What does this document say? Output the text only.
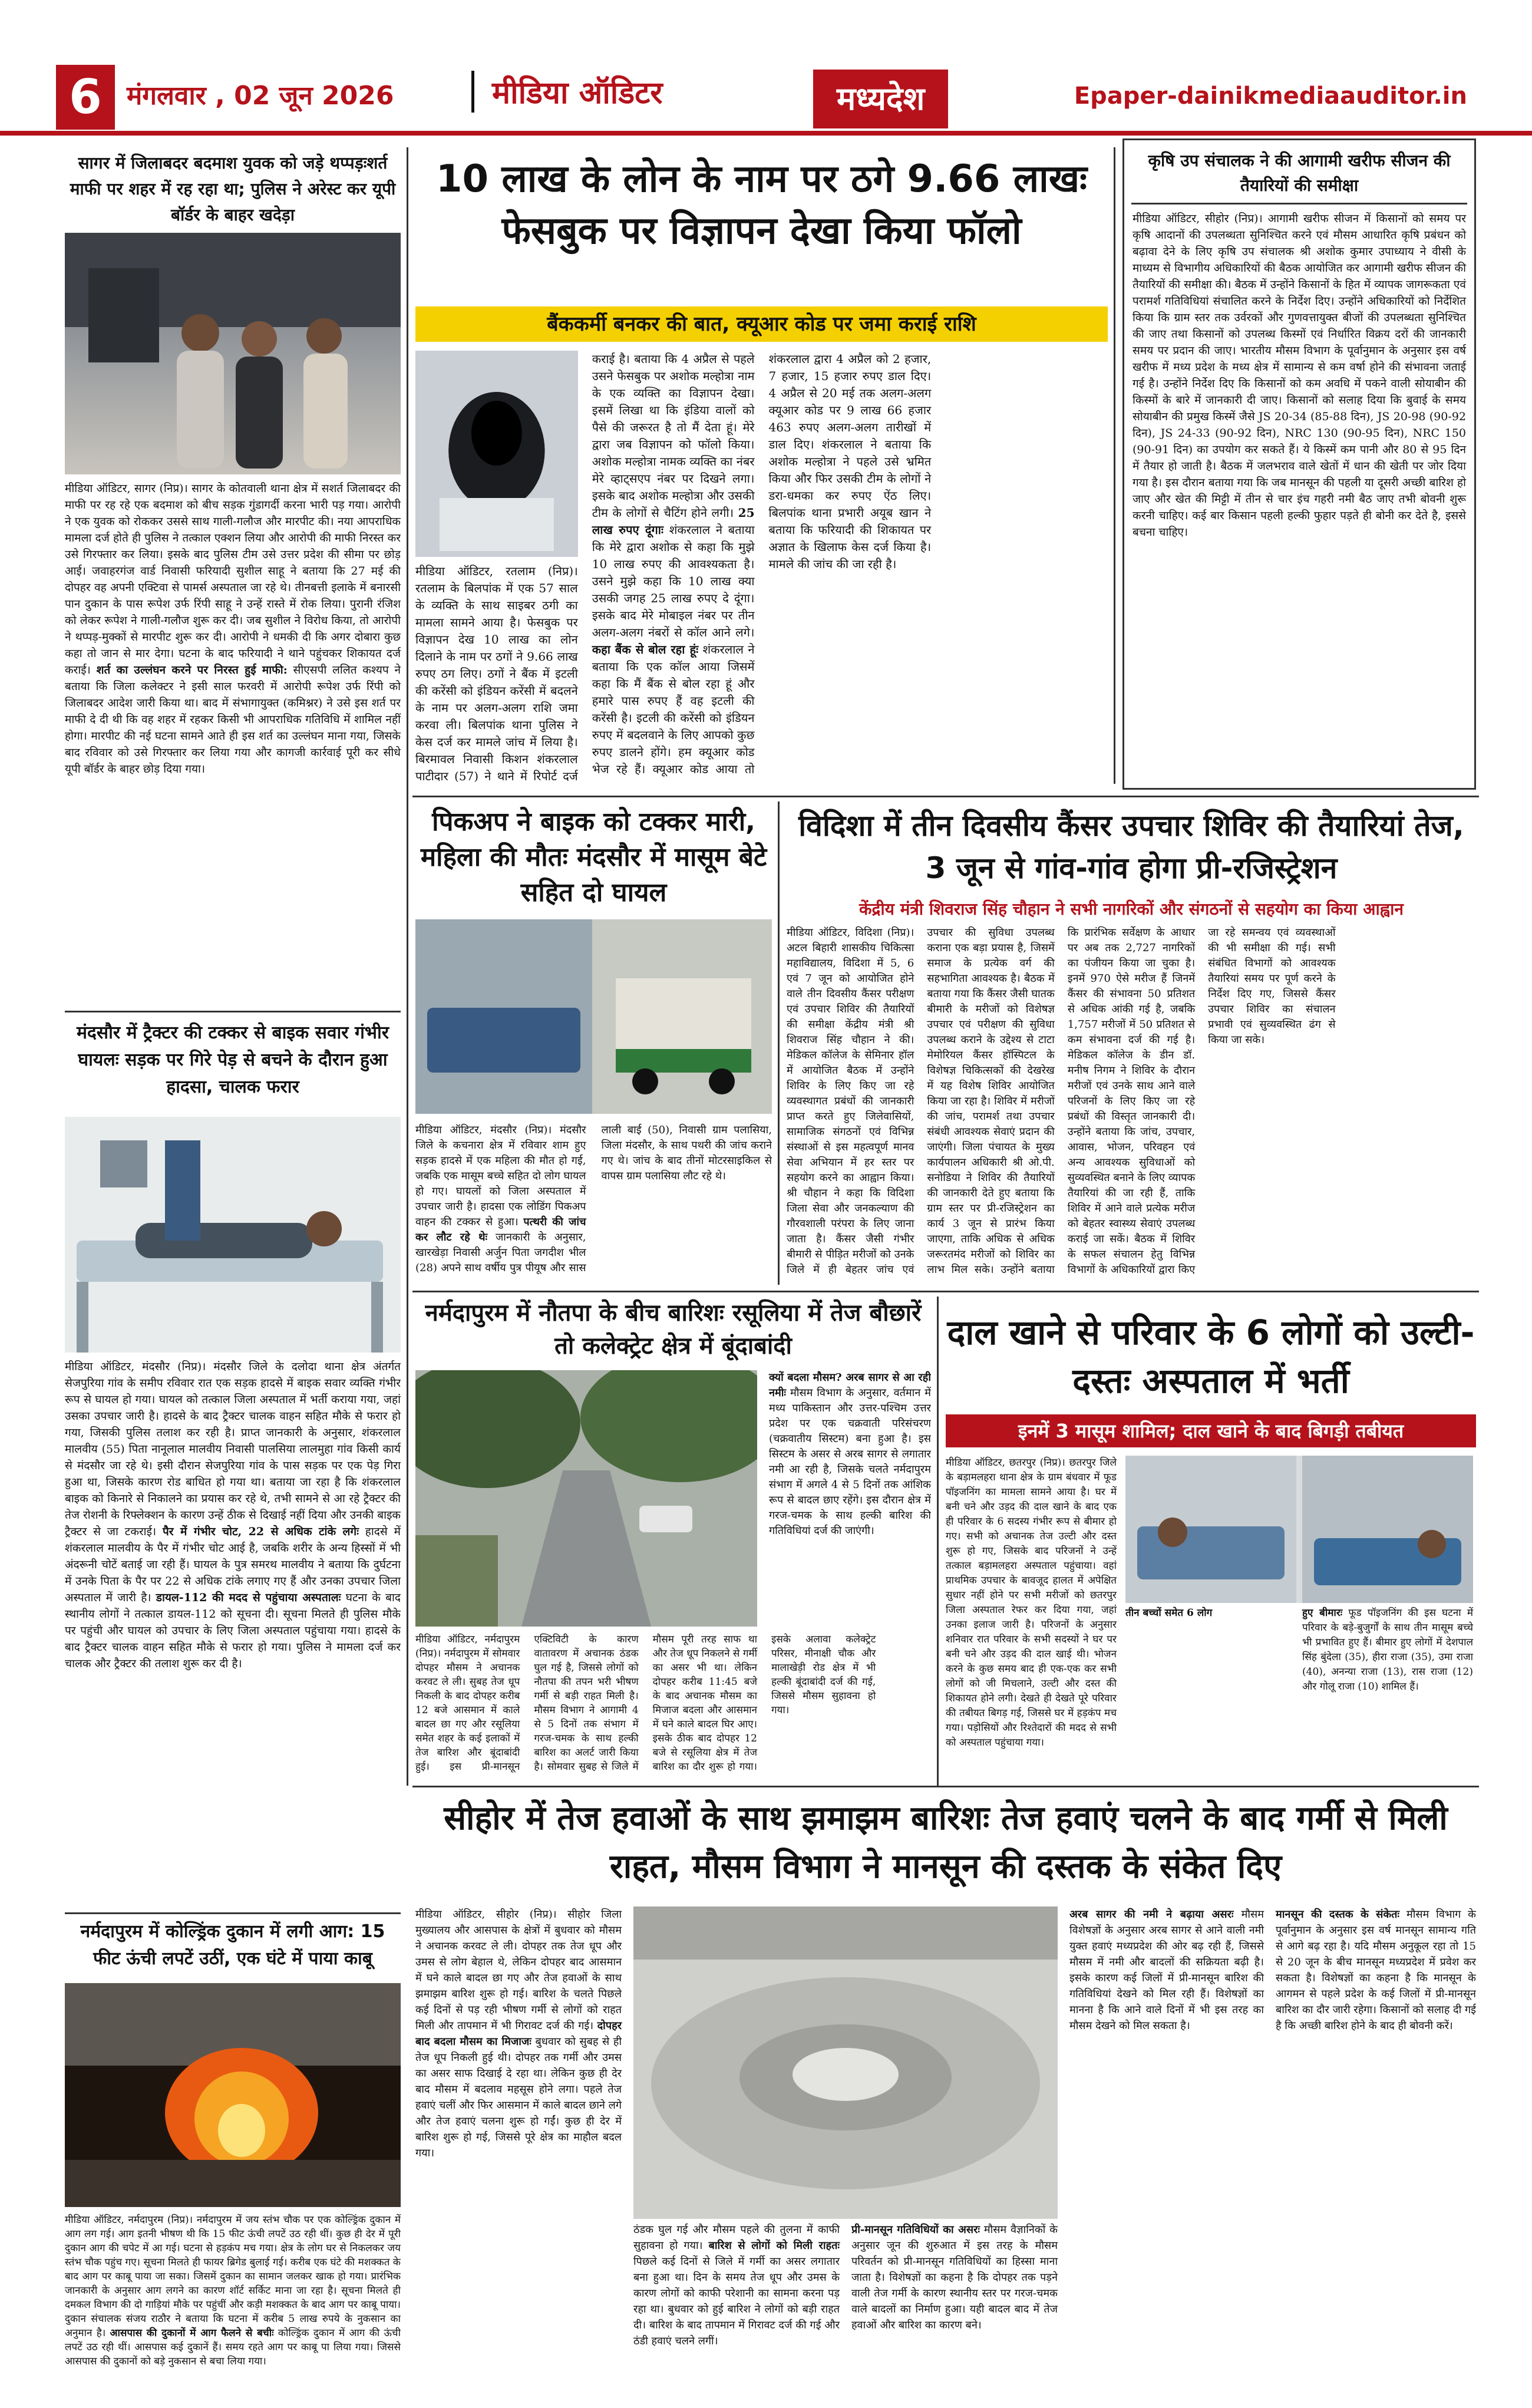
6 मंगलवार , 02 जून 2026	मीडिया ऑडिटर	मध्यदेश	Epaper-dainikmediaauditor.in
सागर में जिलाबदर बदमाश युवक को जड़े थप्पड़ःशर्त माफी पर शहर में रह रहा था; पुलिस ने अरेस्ट कर यूपी बॉर्डर के बाहर खदेड़ा
मीडिया ऑडिटर, सागर (निप्र)। सागर के कोतवाली थाना क्षेत्र में सशर्त जिलाबदर की माफी पर रह रहे एक बदमाश को बीच सड़क गुंडागर्दी करना भारी पड़ गया। आरोपी ने एक युवक को रोककर उससे साथ गाली-गलौज और मारपीट की। नया आपराधिक मामला दर्ज होते ही पुलिस ने तत्काल एक्शन लिया और आरोपी की माफी निरस्त कर उसे गिरफ्तार कर लिया। इसके बाद पुलिस टीम उसे उत्तर प्रदेश की सीमा पर छोड़ आई। जवाहरगंज वार्ड निवासी फरियादी सुशील साहू ने बताया कि 27 मई की दोपहर वह अपनी एक्टिवा से पामर्स अस्पताल जा रहे थे। तीनबत्ती इलाके में बनारसी पान दुकान के पास रूपेश उर्फ रिंपी साहू ने उन्हें रास्ते में रोक लिया। पुरानी रंजिश को लेकर रूपेश ने गाली-गलौज शुरू कर दी। जब सुशील ने विरोध किया, तो आरोपी ने थप्पड़-मुक्कों से मारपीट शुरू कर दी। आरोपी ने धमकी दी कि अगर दोबारा कुछ कहा तो जान से मार देगा। घटना के बाद फरियादी ने थाने पहुंचकर शिकायत दर्ज कराई। शर्त का उल्लंघन करने पर निरस्त हुई माफी: सीएसपी ललित कश्यप ने बताया कि जिला कलेक्टर ने इसी साल फरवरी में आरोपी रूपेश उर्फ रिंपी को जिलाबदर आदेश जारी किया था। बाद में संभागायुक्त (कमिश्नर) ने उसे इस शर्त पर माफी दे दी थी कि वह शहर में रहकर किसी भी आपराधिक गतिविधि में शामिल नहीं होगा। मारपीट की नई घटना सामने आते ही इस शर्त का उल्लंघन माना गया, जिसके बाद रविवार को उसे गिरफ्तार कर लिया गया और कागजी कार्रवाई पूरी कर सीधे यूपी बॉर्डर के बाहर छोड़ दिया गया।
मंदसौर में ट्रैक्टर की टक्कर से बाइक सवार गंभीर घायलः सड़क पर गिरे पेड़ से बचने के दौरान हुआ हादसा, चालक फरार
मीडिया ऑडिटर, मंदसौर (निप्र)। मंदसौर जिले के दलोदा थाना क्षेत्र अंतर्गत सेजपुरिया गांव के समीप रविवार रात एक सड़क हादसे में बाइक सवार व्यक्ति गंभीर रूप से घायल हो गया। घायल को तत्काल जिला अस्पताल में भर्ती कराया गया, जहां उसका उपचार जारी है। हादसे के बाद ट्रैक्टर चालक वाहन सहित मौके से फरार हो गया, जिसकी पुलिस तलाश कर रही है। प्राप्त जानकारी के अनुसार, शंकरलाल मालवीय (55) पिता नानूलाल मालवीय निवासी पालसिया लालमुहा गांव किसी कार्य से मंदसौर जा रहे थे। इसी दौरान सेजपुरिया गांव के पास सड़क पर एक पेड़ गिरा हुआ था, जिसके कारण रोड बाधित हो गया था। बताया जा रहा है कि शंकरलाल बाइक को किनारे से निकालने का प्रयास कर रहे थे, तभी सामने से आ रहे ट्रैक्टर की तेज रोशनी के रिफ्लेक्शन के कारण उन्हें ठीक से दिखाई नहीं दिया और उनकी बाइक ट्रैक्टर से जा टकराई। पैर में गंभीर चोट, 22 से अधिक टांके लगेः हादसे में शंकरलाल मालवीय के पैर में गंभीर चोट आई है, जबकि शरीर के अन्य हिस्सों में भी अंदरूनी चोटें बताई जा रही हैं। घायल के पुत्र समरथ मालवीय ने बताया कि दुर्घटना में उनके पिता के पैर पर 22 से अधिक टांके लगाए गए हैं और उनका उपचार जिला अस्पताल में जारी है। डायल-112 की मदद से पहुंचाया अस्पतालः घटना के बाद स्थानीय लोगों ने तत्काल डायल-112 को सूचना दी। सूचना मिलते ही पुलिस मौके पर पहुंची और घायल को उपचार के लिए जिला अस्पताल पहुंचाया गया। हादसे के बाद ट्रैक्टर चालक वाहन सहित मौके से फरार हो गया। पुलिस ने मामला दर्ज कर चालक और ट्रैक्टर की तलाश शुरू कर दी है।
नर्मदापुरम में कोल्ड्रिंक दुकान में लगी आग: 15 फीट ऊंची लपटें उठीं, एक घंटे में पाया काबू
मीडिया ऑडिटर, नर्मदापुरम (निप्र)। नर्मदापुरम में जय स्तंभ चौक पर एक कोल्ड्रिंक दुकान में आग लग गई। आग इतनी भीषण थी कि 15 फीट ऊंची लपटें उठ रही थीं। कुछ ही देर में पूरी दुकान आग की चपेट में आ गई। घटना से हड़कंप मच गया। क्षेत्र के लोग घर से निकलकर जय स्तंभ चौक पहुंच गए। सूचना मिलते ही फायर ब्रिगेड बुलाई गई। करीब एक घंटे की मशक्कत के बाद आग पर काबू पाया जा सका। जिसमें दुकान का सामान जलकर खाक हो गया। प्रारंभिक जानकारी के अनुसार आग लगने का कारण शॉर्ट सर्किट माना जा रहा है। सूचना मिलते ही दमकल विभाग की दो गाड़ियां मौके पर पहुंचीं और कड़ी मशक्कत के बाद आग पर काबू पाया। दुकान संचालक संजय राठौर ने बताया कि घटना में करीब 5 लाख रुपये के नुकसान का अनुमान है। आसपास की दुकानों में आग फैलने से बचीः कोल्ड्रिंक दुकान में आग की ऊंची लपटें उठ रही थीं। आसपास कई दुकानें हैं। समय रहते आग पर काबू पा लिया गया। जिससे आसपास की दुकानों को बड़े नुकसान से बचा लिया गया।
10 लाख के लोन के नाम पर ठगे 9.66 लाखः फेसबुक पर विज्ञापन देखा किया फॉलो
बैंककर्मी बनकर की बात, क्यूआर कोड पर जमा कराई राशि
मीडिया ऑडिटर, रतलाम (निप्र)। रतलाम के बिलपांक में एक 57 साल के व्यक्ति के साथ साइबर ठगी का मामला सामने आया है। फेसबुक पर विज्ञापन देख 10 लाख का लोन दिलाने के नाम पर ठगों ने 9.66 लाख रुपए ठग लिए। ठगों ने बैंक में इटली की करेंसी को इंडियन करेंसी में बदलने के नाम पर अलग-अलग राशि जमा करवा ली। बिलपांक थाना पुलिस ने केस दर्ज कर मामले जांच में लिया है। बिरमावल निवासी किशन शंकरलाल पाटीदार (57) ने थाने में रिपोर्ट दर्ज कराई है। बताया कि 4 अप्रैल से पहले उसने फेसबुक पर अशोक मल्होत्रा नाम के एक व्यक्ति का विज्ञापन देखा। इसमें लिखा था कि इंडिया वालों को पैसे की जरूरत है तो मैं देता हूं। मेरे द्वारा जब विज्ञापन को फॉलो किया। अशोक मल्होत्रा नामक व्यक्ति का नंबर मेरे व्हाट्सएप नंबर पर दिखने लगा। इसके बाद अशोक मल्होत्रा और उसकी टीम के लोगों से चैटिंग होने लगी। 25 लाख रुपए दूंगाः शंकरलाल ने बताया कि मेरे द्वारा अशोक से कहा कि मुझे 10 लाख रुपए की आवश्यकता है। उसने मुझे कहा कि 10 लाख क्या उसकी जगह 25 लाख रुपए दे दूंगा। इसके बाद मेरे मोबाइल नंबर पर तीन अलग-अलग नंबरों से कॉल आने लगे। कहा बैंक से बोल रहा हूंः शंकरलाल ने बताया कि एक कॉल आया जिसमें कहा कि मैं बैंक से बोल रहा हूं और हमारे पास रुपए हैं वह इटली की करेंसी है। इटली की करेंसी को इंडियन रुपए में बदलवाने के लिए आपको कुछ रुपए डालने होंगे। हम क्यूआर कोड भेज रहे हैं। क्यूआर कोड आया तो शंकरलाल द्वारा 4 अप्रैल को 2 हजार, 7 हजार, 15 हजार रुपए डाल दिए। 4 अप्रैल से 20 मई तक अलग-अलग क्यूआर कोड पर 9 लाख 66 हजार 463 रुपए अलग-अलग तारीखों में डाल दिए। शंकरलाल ने बताया कि अशोक मल्होत्रा ने पहले उसे भ्रमित किया और फिर उसकी टीम के लोगों ने डरा-धमका कर रुपए ऐंठ लिए। बिलपांक थाना प्रभारी अयूब खान ने बताया कि फरियादी की शिकायत पर अज्ञात के खिलाफ केस दर्ज किया है। मामले की जांच की जा रही है।
कृषि उप संचालक ने की आगामी खरीफ सीजन की तैयारियों की समीक्षा
मीडिया ऑडिटर, सीहोर (निप्र)। आगामी खरीफ सीजन में किसानों को समय पर कृषि आदानों की उपलब्धता सुनिश्चित करने एवं मौसम आधारित कृषि प्रबंधन को बढ़ावा देने के लिए कृषि उप संचालक श्री अशोक कुमार उपाध्याय ने वीसी के माध्यम से विभागीय अधिकारियों की बैठक आयोजित कर आगामी खरीफ सीजन की तैयारियों की समीक्षा की। बैठक में उन्होंने किसानों के हित में व्यापक जागरूकता एवं परामर्श गतिविधियां संचालित करने के निर्देश दिए। उन्होंने अधिकारियों को निर्देशित किया कि ग्राम स्तर तक उर्वरकों और गुणवत्तायुक्त बीजों की उपलब्धता सुनिश्चित की जाए तथा किसानों को उपलब्ध किस्मों एवं निर्धारित विक्रय दरों की जानकारी समय पर प्रदान की जाए। भारतीय मौसम विभाग के पूर्वानुमान के अनुसार इस वर्ष खरीफ में मध्य प्रदेश के मध्य क्षेत्र में सामान्य से कम वर्षा होने की संभावना जताई गई है। उन्होंने निर्देश दिए कि किसानों को कम अवधि में पकने वाली सोयाबीन की किस्मों के बारे में जानकारी दी जाए। किसानों को सलाह दिया कि बुवाई के समय सोयाबीन की प्रमुख किस्में जैसे JS 20-34 (85-88 दिन), JS 20-98 (90-92 दिन), JS 24-33 (90-92 दिन), NRC 130 (90-95 दिन), NRC 150 (90-91 दिन) का उपयोग कर सकते हैं। ये किस्में कम पानी और 80 से 95 दिन में तैयार हो जाती है। बैठक में जलभराव वाले खेतों में धान की खेती पर जोर दिया गया है। इस दौरान बताया गया कि जब मानसून की पहली या दूसरी अच्छी बारिश हो जाए और खेत की मिट्टी में तीन से चार इंच गहरी नमी बैठ जाए तभी बोवनी शुरू करनी चाहिए। कई बार किसान पहली हल्की फुहार पड़ते ही बोनी कर देते है, इससे बचना चाहिए।
पिकअप ने बाइक को टक्कर मारी, महिला की मौतः मंदसौर में मासूम बेटे सहित दो घायल
मीडिया ऑडिटर, मंदसौर (निप्र)। मंदसौर जिले के कचनारा क्षेत्र में रविवार शाम हुए सड़क हादसे में एक महिला की मौत हो गई, जबकि एक मासूम बच्चे सहित दो लोग घायल हो गए। घायलों को जिला अस्पताल में उपचार जारी है। हादसा एक लोडिंग पिकअप वाहन की टक्कर से हुआ। पत्थरी की जांच कर लौट रहे थेः जानकारी के अनुसार, खारखेड़ा निवासी अर्जुन पिता जगदीश भील (28) अपने साथ वर्षीय पुत्र पीयूष और सास लाली बाई (50), निवासी ग्राम पलासिया, जिला मंदसौर, के साथ पथरी की जांच कराने गए थे। जांच के बाद तीनों मोटरसाइकिल से वापस ग्राम पलासिया लौट रहे थे।
विदिशा में तीन दिवसीय कैंसर उपचार शिविर की तैयारियां तेज, 3 जून से गांव-गांव होगा प्री-रजिस्ट्रेशन
केंद्रीय मंत्री शिवराज सिंह चौहान ने सभी नागरिकों और संगठनों से सहयोग का किया आह्वान
मीडिया ऑडिटर, विदिशा (निप्र)। अटल बिहारी शासकीय चिकित्सा महाविद्यालय, विदिशा में 5, 6 एवं 7 जून को आयोजित होने वाले तीन दिवसीय कैंसर परीक्षण एवं उपचार शिविर की तैयारियों की समीक्षा केंद्रीय मंत्री श्री शिवराज सिंह चौहान ने की। मेडिकल कॉलेज के सेमिनार हॉल में आयोजित बैठक में उन्होंने शिविर के लिए किए जा रहे व्यवस्थागत प्रबंधों की जानकारी प्राप्त करते हुए जिलेवासियों, सामाजिक संगठनों एवं विभिन्न संस्थाओं से इस महत्वपूर्ण मानव सेवा अभियान में हर स्तर पर सहयोग करने का आह्वान किया। श्री चौहान ने कहा कि विदिशा जिला सेवा और जनकल्याण की गौरवशाली परंपरा के लिए जाना जाता है। कैंसर जैसी गंभीर बीमारी से पीड़ित मरीजों को उनके जिले में ही बेहतर जांच एवं उपचार की सुविधा उपलब्ध कराना एक बड़ा प्रयास है, जिसमें समाज के प्रत्येक वर्ग की सहभागिता आवश्यक है। बैठक में बताया गया कि कैंसर जैसी घातक बीमारी के मरीजों को विशेषज्ञ उपचार एवं परीक्षण की सुविधा उपलब्ध कराने के उद्देश्य से टाटा मेमोरियल कैंसर हॉस्पिटल के विशेषज्ञ चिकित्सकों की देखरेख में यह विशेष शिविर आयोजित किया जा रहा है। शिविर में मरीजों की जांच, परामर्श तथा उपचार संबंधी आवश्यक सेवाएं प्रदान की जाएंगी। जिला पंचायत के मुख्य कार्यपालन अधिकारी श्री ओ.पी. सनोडिया ने शिविर की तैयारियों की जानकारी देते हुए बताया कि ग्राम स्तर पर प्री-रजिस्ट्रेशन का कार्य 3 जून से प्रारंभ किया जाएगा, ताकि अधिक से अधिक जरूरतमंद मरीजों को शिविर का लाभ मिल सके। उन्होंने बताया कि प्रारंभिक सर्वेक्षण के आधार पर अब तक 2,727 नागरिकों का पंजीयन किया जा चुका है। इनमें 970 ऐसे मरीज हैं जिनमें कैंसर की संभावना 50 प्रतिशत से अधिक आंकी गई है, जबकि 1,757 मरीजों में 50 प्रतिशत से कम संभावना दर्ज की गई है। मेडिकल कॉलेज के डीन डॉ. मनीष निगम ने शिविर के दौरान मरीजों एवं उनके साथ आने वाले परिजनों के लिए किए जा रहे प्रबंधों की विस्तृत जानकारी दी। उन्होंने बताया कि जांच, उपचार, आवास, भोजन, परिवहन एवं अन्य आवश्यक सुविधाओं को सुव्यवस्थित बनाने के लिए व्यापक तैयारियां की जा रही हैं, ताकि शिविर में आने वाले प्रत्येक मरीज को बेहतर स्वास्थ्य सेवाएं उपलब्ध कराई जा सकें। बैठक में शिविर के सफल संचालन हेतु विभिन्न विभागों के अधिकारियों द्वारा किए जा रहे समन्वय एवं व्यवस्थाओं की भी समीक्षा की गई। सभी संबंधित विभागों को आवश्यक तैयारियां समय पर पूर्ण करने के निर्देश दिए गए, जिससे कैंसर उपचार शिविर का संचालन प्रभावी एवं सुव्यवस्थित ढंग से किया जा सके।
नर्मदापुरम में नौतपा के बीच बारिशः रसूलिया में तेज बौछारें तो कलेक्ट्रेट क्षेत्र में बूंदाबांदी
मीडिया ऑडिटर, नर्मदापुरम (निप्र)। नर्मदापुरम में सोमवार दोपहर मौसम ने अचानक करवट ले ली। सुबह तेज धूप निकली के बाद दोपहर करीब 12 बजे आसमान में काले बादल छा गए और रसूलिया समेत शहर के कई इलाकों में तेज बारिश और बूंदाबांदी हुई। इस प्री-मानसून एक्टिविटी के कारण वातावरण में अचानक ठंडक घुल गई है, जिससे लोगों को नौतपा की तपन भरी भीषण गर्मी से बड़ी राहत मिली है। मौसम विभाग ने आगामी 4 से 5 दिनों तक संभाग में गरज-चमक के साथ हल्की बारिश का अलर्ट जारी किया है। सोमवार सुबह से जिले में मौसम पूरी तरह साफ था और तेज धूप निकलने से गर्मी का असर भी था। लेकिन दोपहर करीब 11:45 बजे के बाद अचानक मौसम का मिजाज बदला और आसमान में घने काले बादल घिर आए। इसके ठीक बाद दोपहर 12 बजे से रसूलिया क्षेत्र में तेज बारिश का दौर शुरू हो गया। इसके अलावा कलेक्ट्रेट परिसर, मीनाक्षी चौक और मालाखेड़ी रोड क्षेत्र में भी हल्की बूंदाबांदी दर्ज की गई, जिससे मौसम सुहावना हो गया।
क्यों बदला मौसम? अरब सागर से आ रही नमीः मौसम विभाग के अनुसार, वर्तमान में मध्य पाकिस्तान और उत्तर-पश्चिम उत्तर प्रदेश पर एक चक्रवाती परिसंचरण (चक्रवातीय सिस्टम) बना हुआ है। इस सिस्टम के असर से अरब सागर से लगातार नमी आ रही है, जिसके चलते नर्मदापुरम संभाग में अगले 4 से 5 दिनों तक आंशिक रूप से बादल छाए रहेंगे। इस दौरान क्षेत्र में गरज-चमक के साथ हल्की बारिश की गतिविधियां दर्ज की जाएंगी।
दाल खाने से परिवार के 6 लोगों को उल्टी-दस्तः अस्पताल में भर्ती
इनमें 3 मासूम शामिल; दाल खाने के बाद बिगड़ी तबीयत
मीडिया ऑडिटर, छतरपुर (निप्र)। छतरपुर जिले के बड़ामलहरा थाना क्षेत्र के ग्राम बंधवार में फूड पॉइजनिंग का मामला सामने आया है। घर में बनी चने और उड़द की दाल खाने के बाद एक ही परिवार के 6 सदस्य गंभीर रूप से बीमार हो गए। सभी को अचानक तेज उल्टी और दस्त शुरू हो गए, जिसके बाद परिजनों ने उन्हें तत्काल बड़ामलहरा अस्पताल पहुंचाया। वहां प्राथमिक उपचार के बावजूद हालत में अपेक्षित सुधार नहीं होने पर सभी मरीजों को छतरपुर जिला अस्पताल रेफर कर दिया गया, जहां उनका इलाज जारी है। परिजनों के अनुसार शनिवार रात परिवार के सभी सदस्यों ने घर पर बनी चने और उड़द की दाल खाई थी। भोजन करने के कुछ समय बाद ही एक-एक कर सभी लोगों को जी मिचलाने, उल्टी और दस्त की शिकायत होने लगी। देखते ही देखते पूरे परिवार की तबीयत बिगड़ गई, जिससे घर में हड़कंप मच गया। पड़ोसियों और रिश्तेदारों की मदद से सभी को अस्पताल पहुंचाया गया।
तीन बच्चों समेत 6 लोग	हुए बीमारः फूड पॉइजनिंग की इस घटना में परिवार के बड़े-बुजुर्गों के साथ तीन मासूम बच्चे भी प्रभावित हुए हैं। बीमार हुए लोगों में देशपाल सिंह बुंदेला (35), हीरा राजा (35), उमा राजा (40), अनन्या राजा (13), रास राजा (12) और गोलू राजा (10) शामिल हैं।
सीहोर में तेज हवाओं के साथ झमाझम बारिशः तेज हवाएं चलने के बाद गर्मी से मिली राहत, मौसम विभाग ने मानसून की दस्तक के संकेत दिए
मीडिया ऑडिटर, सीहोर (निप्र)। सीहोर जिला मुख्यालय और आसपास के क्षेत्रों में बुधवार को मौसम ने अचानक करवट ले ली। दोपहर तक तेज धूप और उमस से लोग बेहाल थे, लेकिन दोपहर बाद आसमान में घने काले बादल छा गए और तेज हवाओं के साथ झमाझम बारिश शुरू हो गई। बारिश के चलते पिछले कई दिनों से पड़ रही भीषण गर्मी से लोगों को राहत मिली और तापमान में भी गिरावट दर्ज की गई। दोपहर बाद बदला मौसम का मिजाजः बुधवार को सुबह से ही तेज धूप निकली हुई थी। दोपहर तक गर्मी और उमस का असर साफ दिखाई दे रहा था। लेकिन कुछ ही देर बाद मौसम में बदलाव महसूस होने लगा। पहले तेज हवाएं चलीं और फिर आसमान में काले बादल छाने लगे और तेज हवाएं चलना शुरू हो गईं। कुछ ही देर में बारिश शुरू हो गई, जिससे पूरे क्षेत्र का माहौल बदल गया।
ठंडक घुल गई और मौसम पहले की तुलना में काफी सुहावना हो गया। बारिश से लोगों को मिली राहतः पिछले कई दिनों से जिले में गर्मी का असर लगातार बना हुआ था। दिन के समय तेज धूप और उमस के कारण लोगों को काफी परेशानी का सामना करना पड़ रहा था। बुधवार को हुई बारिश ने लोगों को बड़ी राहत दी। बारिश के बाद तापमान में गिरावट दर्ज की गई और ठंडी हवाएं चलने लगीं।
प्री-मानसून गतिविधियों का असरः मौसम वैज्ञानिकों के अनुसार जून की शुरुआत में इस तरह के मौसम परिवर्तन को प्री-मानसून गतिविधियों का हिस्सा माना जाता है। विशेषज्ञों का कहना है कि दोपहर तक पड़ने वाली तेज गर्मी के कारण स्थानीय स्तर पर गरज-चमक वाले बादलों का निर्माण हुआ। यही बादल बाद में तेज हवाओं और बारिश का कारण बने।
अरब सागर की नमी ने बढ़ाया असरः मौसम विशेषज्ञों के अनुसार अरब सागर से आने वाली नमी युक्त हवाएं मध्यप्रदेश की ओर बढ़ रही हैं, जिससे मौसम में नमी और बादलों की सक्रियता बढ़ी है। इसके कारण कई जिलों में प्री-मानसून बारिश की गतिविधियां देखने को मिल रही हैं। विशेषज्ञों का मानना है कि आने वाले दिनों में भी इस तरह का मौसम देखने को मिल सकता है।
मानसून की दस्तक के संकेतः मौसम विभाग के पूर्वानुमान के अनुसार इस वर्ष मानसून सामान्य गति से आगे बढ़ रहा है। यदि मौसम अनुकूल रहा तो 15 से 20 जून के बीच मानसून मध्यप्रदेश में प्रवेश कर सकता है। विशेषज्ञों का कहना है कि मानसून के आगमन से पहले प्रदेश के कई जिलों में प्री-मानसून बारिश का दौर जारी रहेगा। किसानों को सलाह दी गई है कि अच्छी बारिश होने के बाद ही बोवनी करें।
